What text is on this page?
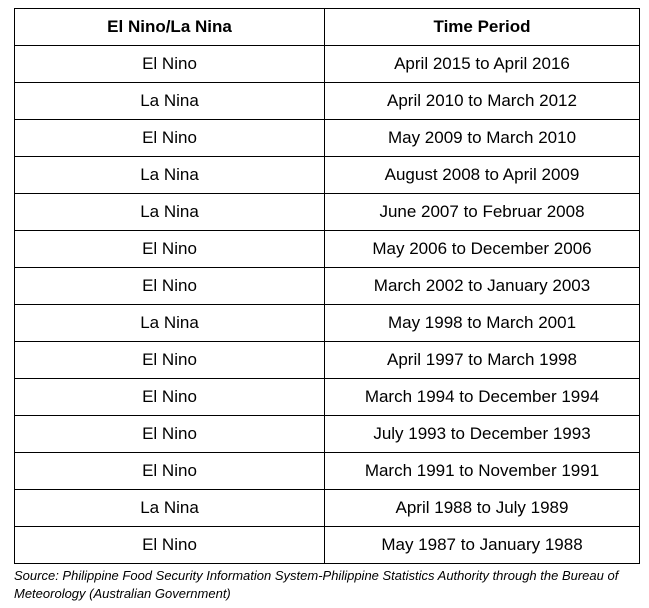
El Nino/La Nina	Time Period
El Nino	April 2015 to April 2016
La Nina	April 2010 to March 2012
El Nino	May 2009 to March 2010
La Nina	August 2008 to April 2009
La Nina	June 2007 to Februar 2008
El Nino	May 2006 to December 2006
El Nino	March 2002 to January 2003
La Nina	May 1998 to March 2001
El Nino	April 1997 to March 1998
El Nino	March 1994 to December 1994
El Nino	July 1993 to December 1993
El Nino	March 1991 to November 1991
La Nina	April 1988 to July 1989
El Nino	May 1987 to January 1988
Source: Philippine Food Security Information System-Philippine Statistics Authority through the Bureau of Meteorology (Australian Government)
